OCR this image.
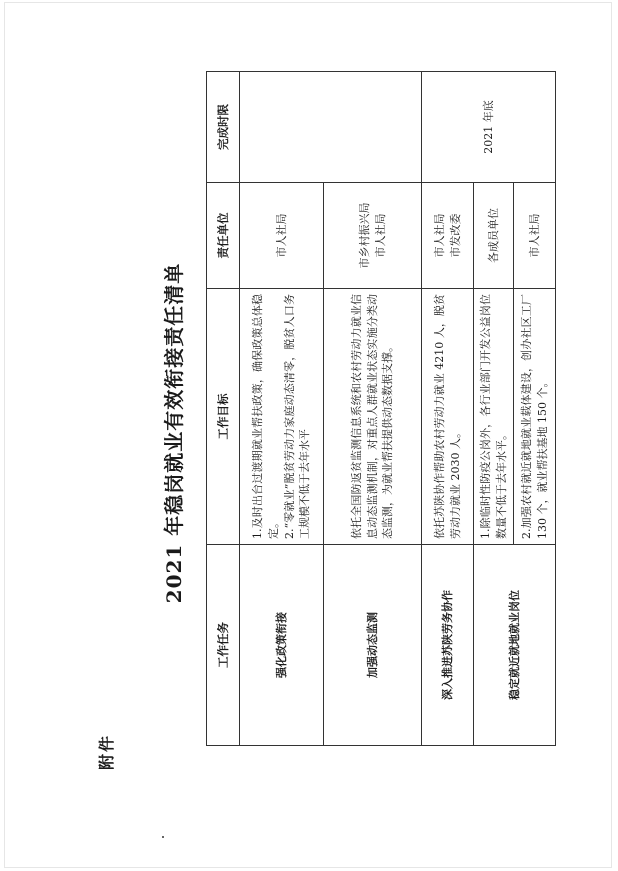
附件
2021 年稳岗就业有效衔接责任清单
工作任务	工作目标	责任单位	完成时限
强化政策衔接	1.及时出台过渡期就业帮扶政策，确保政策总体稳定。 2.“零就业”脱贫劳动力家庭动态清零，脱贫人口务工规模不低于去年水平	市人社局	

加强动态监测	依托全国防返贫监测信息系统和农村劳动力就业信息动态监测机制，对重点人群就业状态实施分类动态监测，为就业帮扶提供动态数据支撑。	市乡村振兴局 市人社局	

深入推进苏陕劳务协作	依托苏陕协作帮助农村劳动力就业 4210 人，脱贫劳动力就业 2030 人。	市人社局 市发改委	2021 年底
稳定就近就地就业岗位	1.除临时性防疫公岗外，各行业部门开发公益岗位数量不低于去年水平。	各成员单位	

	2.加强农村就近就地就业载体建设，创办社区工厂 130 个，就业帮扶基地 150 个。	市人社局	
